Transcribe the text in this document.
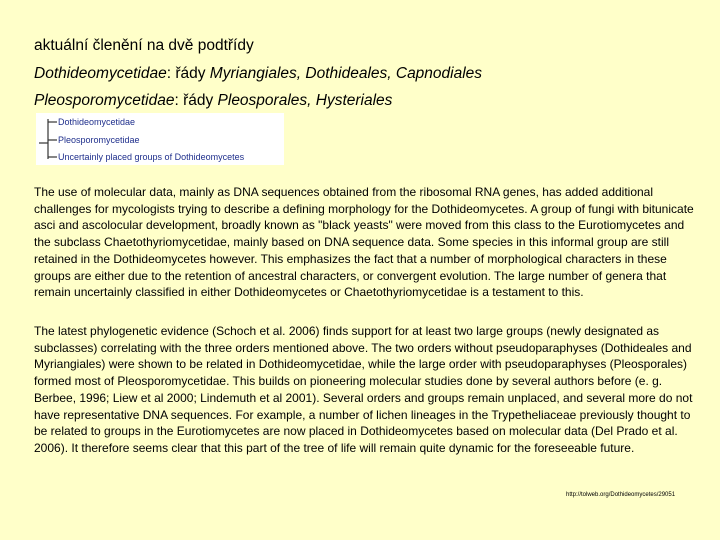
aktuální členění na dvě podtřídy
Dothideomycetidae: řády Myriangiales, Dothideales, Capnodiales
Pleosporomycetidae: řády Pleosporales, Hysteriales
Dothideomycetidae
Pleosporomycetidae
Uncertainly placed groups of Dothideomycetes

The use of molecular data, mainly as DNA sequences obtained from the ribosomal RNA genes, has added additional challenges for mycologists trying to describe a defining morphology for the Dothideomycetes. A group of fungi with bitunicate asci and ascolocular development, broadly known as "black yeasts" were moved from this class to the Eurotiomycetes and the subclass Chaetothyriomycetidae, mainly based on DNA sequence data. Some species in this informal group are still retained in the Dothideomycetes however. This emphasizes the fact that a number of morphological characters in these groups are either due to the retention of ancestral characters, or convergent evolution. The large number of genera that remain uncertainly classified in either Dothideomycetes or Chaetothyriomycetidae is a testament to this.

The latest phylogenetic evidence (Schoch et al. 2006) finds support for at least two large groups (newly designated as subclasses) correlating with the three orders mentioned above. The two orders without pseudoparaphyses (Dothideales and Myriangiales) were shown to be related in Dothideomycetidae, while the large order with pseudoparaphyses (Pleosporales) formed most of Pleosporomycetidae. This builds on pioneering molecular studies done by several authors before (e. g. Berbee, 1996; Liew et al 2000; Lindemuth et al 2001). Several orders and groups remain unplaced, and several more do not have representative DNA sequences. For example, a number of lichen lineages in the Trypetheliaceae previously thought to be related to groups in the Eurotiomycetes are now placed in Dothideomycetes based on molecular data (Del Prado et al. 2006). It therefore seems clear that this part of the tree of life will remain quite dynamic for the foreseeable future.

http://tolweb.org/Dothideomycetes/29051
